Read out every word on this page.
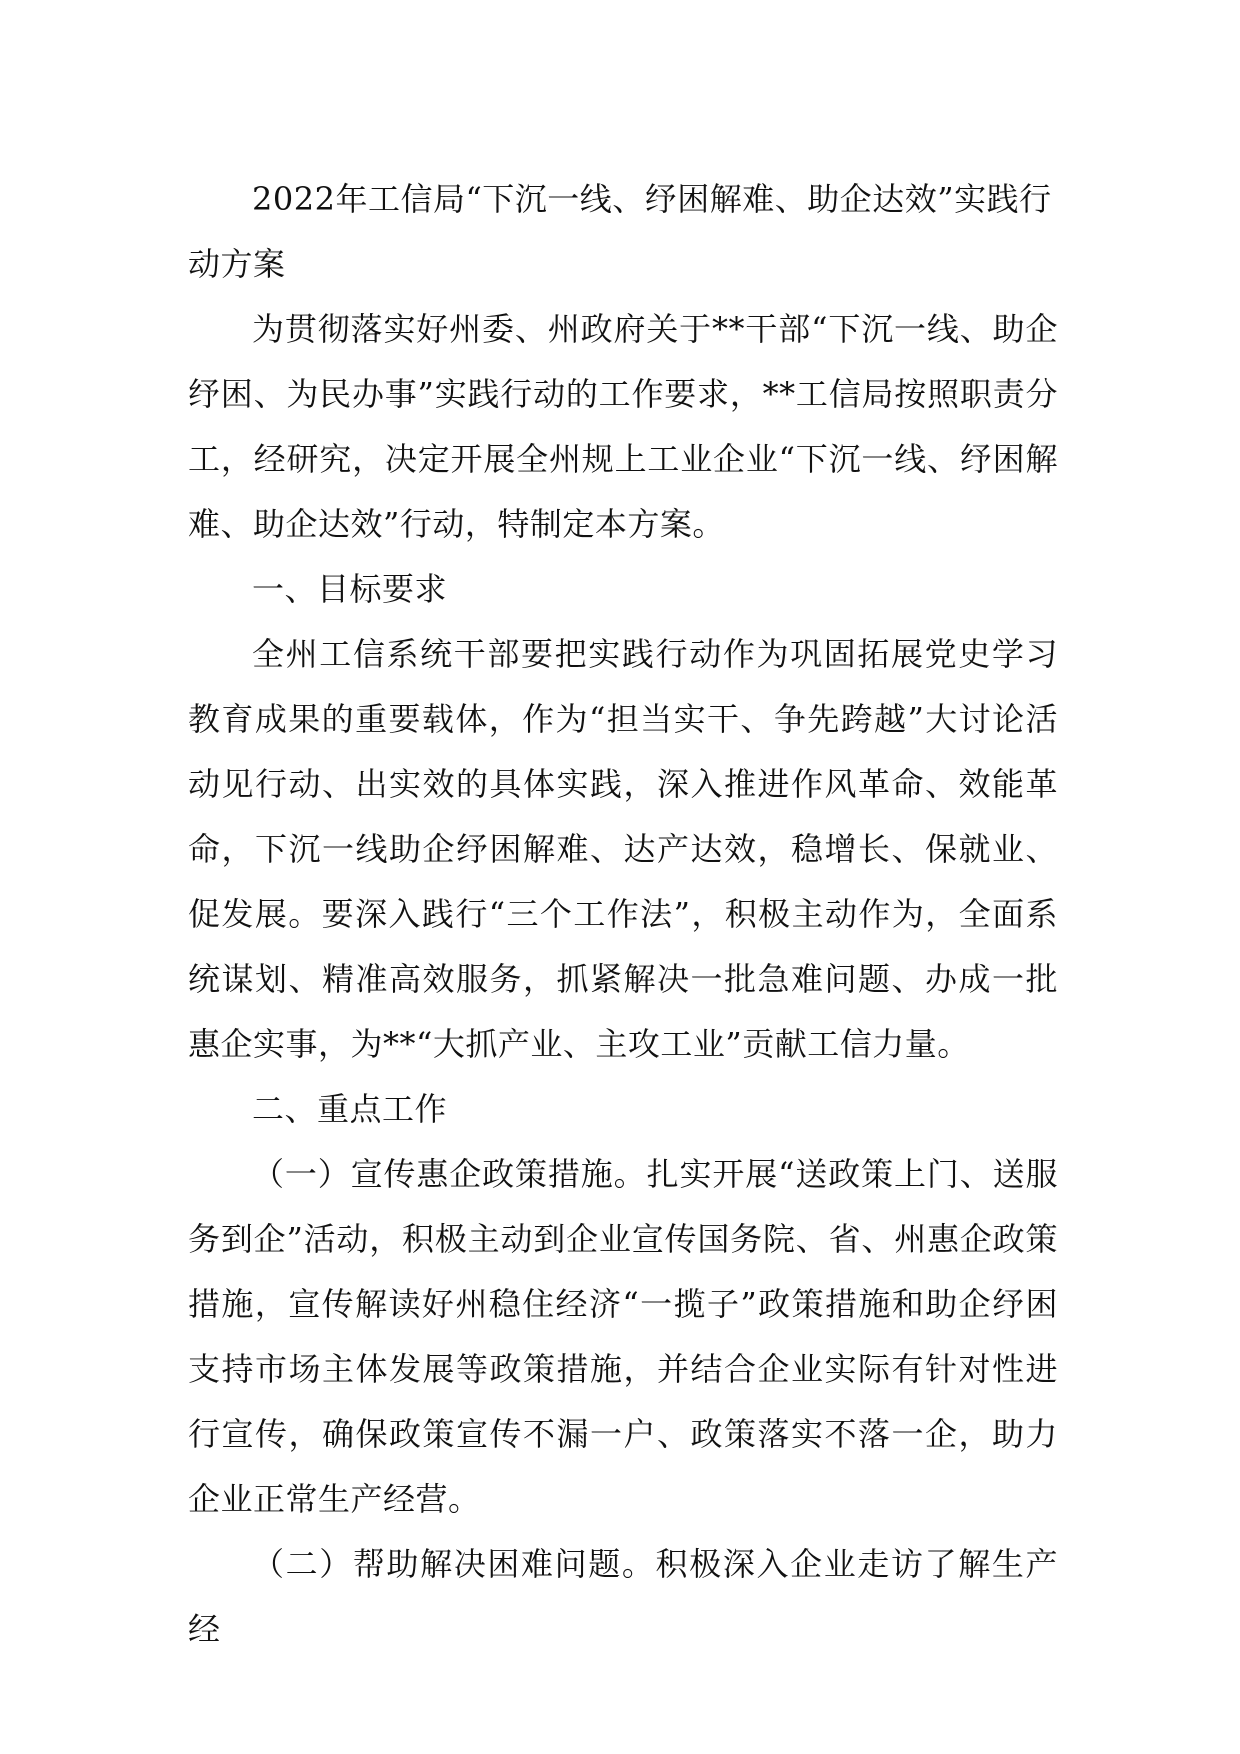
2022年工信局“下沉一线、纾困解难、助企达效”实践行动方案

为贯彻落实好州委、州政府关于**干部“下沉一线、助企纾困、为民办事”实践行动的工作要求，**工信局按照职责分工，经研究，决定开展全州规上工业企业“下沉一线、纾困解难、助企达效”行动，特制定本方案。

一、目标要求

全州工信系统干部要把实践行动作为巩固拓展党史学习教育成果的重要载体，作为“担当实干、争先跨越”大讨论活动见行动、出实效的具体实践，深入推进作风革命、效能革命，下沉一线助企纾困解难、达产达效，稳增长、保就业、促发展。要深入践行“三个工作法”，积极主动作为，全面系统谋划、精准高效服务，抓紧解决一批急难问题、办成一批惠企实事，为**“大抓产业、主攻工业”贡献工信力量。

二、重点工作

（一）宣传惠企政策措施。扎实开展“送政策上门、送服务到企”活动，积极主动到企业宣传国务院、省、州惠企政策措施，宣传解读好州稳住经济“一揽子”政策措施和助企纾困支持市场主体发展等政策措施，并结合企业实际有针对性进行宣传，确保政策宣传不漏一户、政策落实不落一企，助力企业正常生产经营。

（二）帮助解决困难问题。积极深入企业走访了解生产经
